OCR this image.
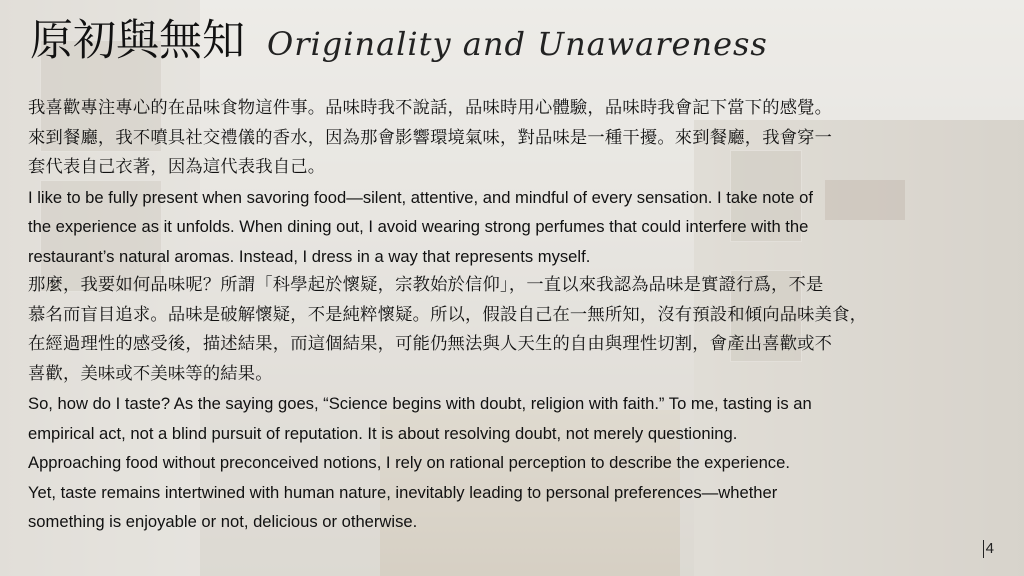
原初與無知 Originality and Unawareness

我喜歡專注專心的在品味食物這件事。品味時我不說話，品味時用心體驗，品味時我會記下當下的感覺。
來到餐廳，我不噴具社交禮儀的香水，因為那會影響環境氣味，對品味是一種干擾。來到餐廳，我會穿一
套代表自己衣著，因為這代表我自己。

I like to be fully present when savoring food—silent, attentive, and mindful of every sensation. I take note of
the experience as it unfolds. When dining out, I avoid wearing strong perfumes that could interfere with the
restaurant’s natural aromas. Instead, I dress in a way that represents myself.

那麼，我要如何品味呢？所謂「科學起於懷疑，宗教始於信仰」，一直以來我認為品味是實證行爲，不是
慕名而盲目追求。品味是破解懷疑，不是純粹懷疑。所以，假設自己在一無所知，沒有預設和傾向品味美食，
在經過理性的感受後，描述結果，而這個結果，可能仍無法與人天生的自由與理性切割，會產出喜歡或不
喜歡，美味或不美味等的結果。

So, how do I taste? As the saying goes, “Science begins with doubt, religion with faith.” To me, tasting is an
empirical act, not a blind pursuit of reputation. It is about resolving doubt, not merely questioning.
Approaching food without preconceived notions, I rely on rational perception to describe the experience.
Yet, taste remains intertwined with human nature, inevitably leading to personal preferences—whether
something is enjoyable or not, delicious or otherwise.

4
